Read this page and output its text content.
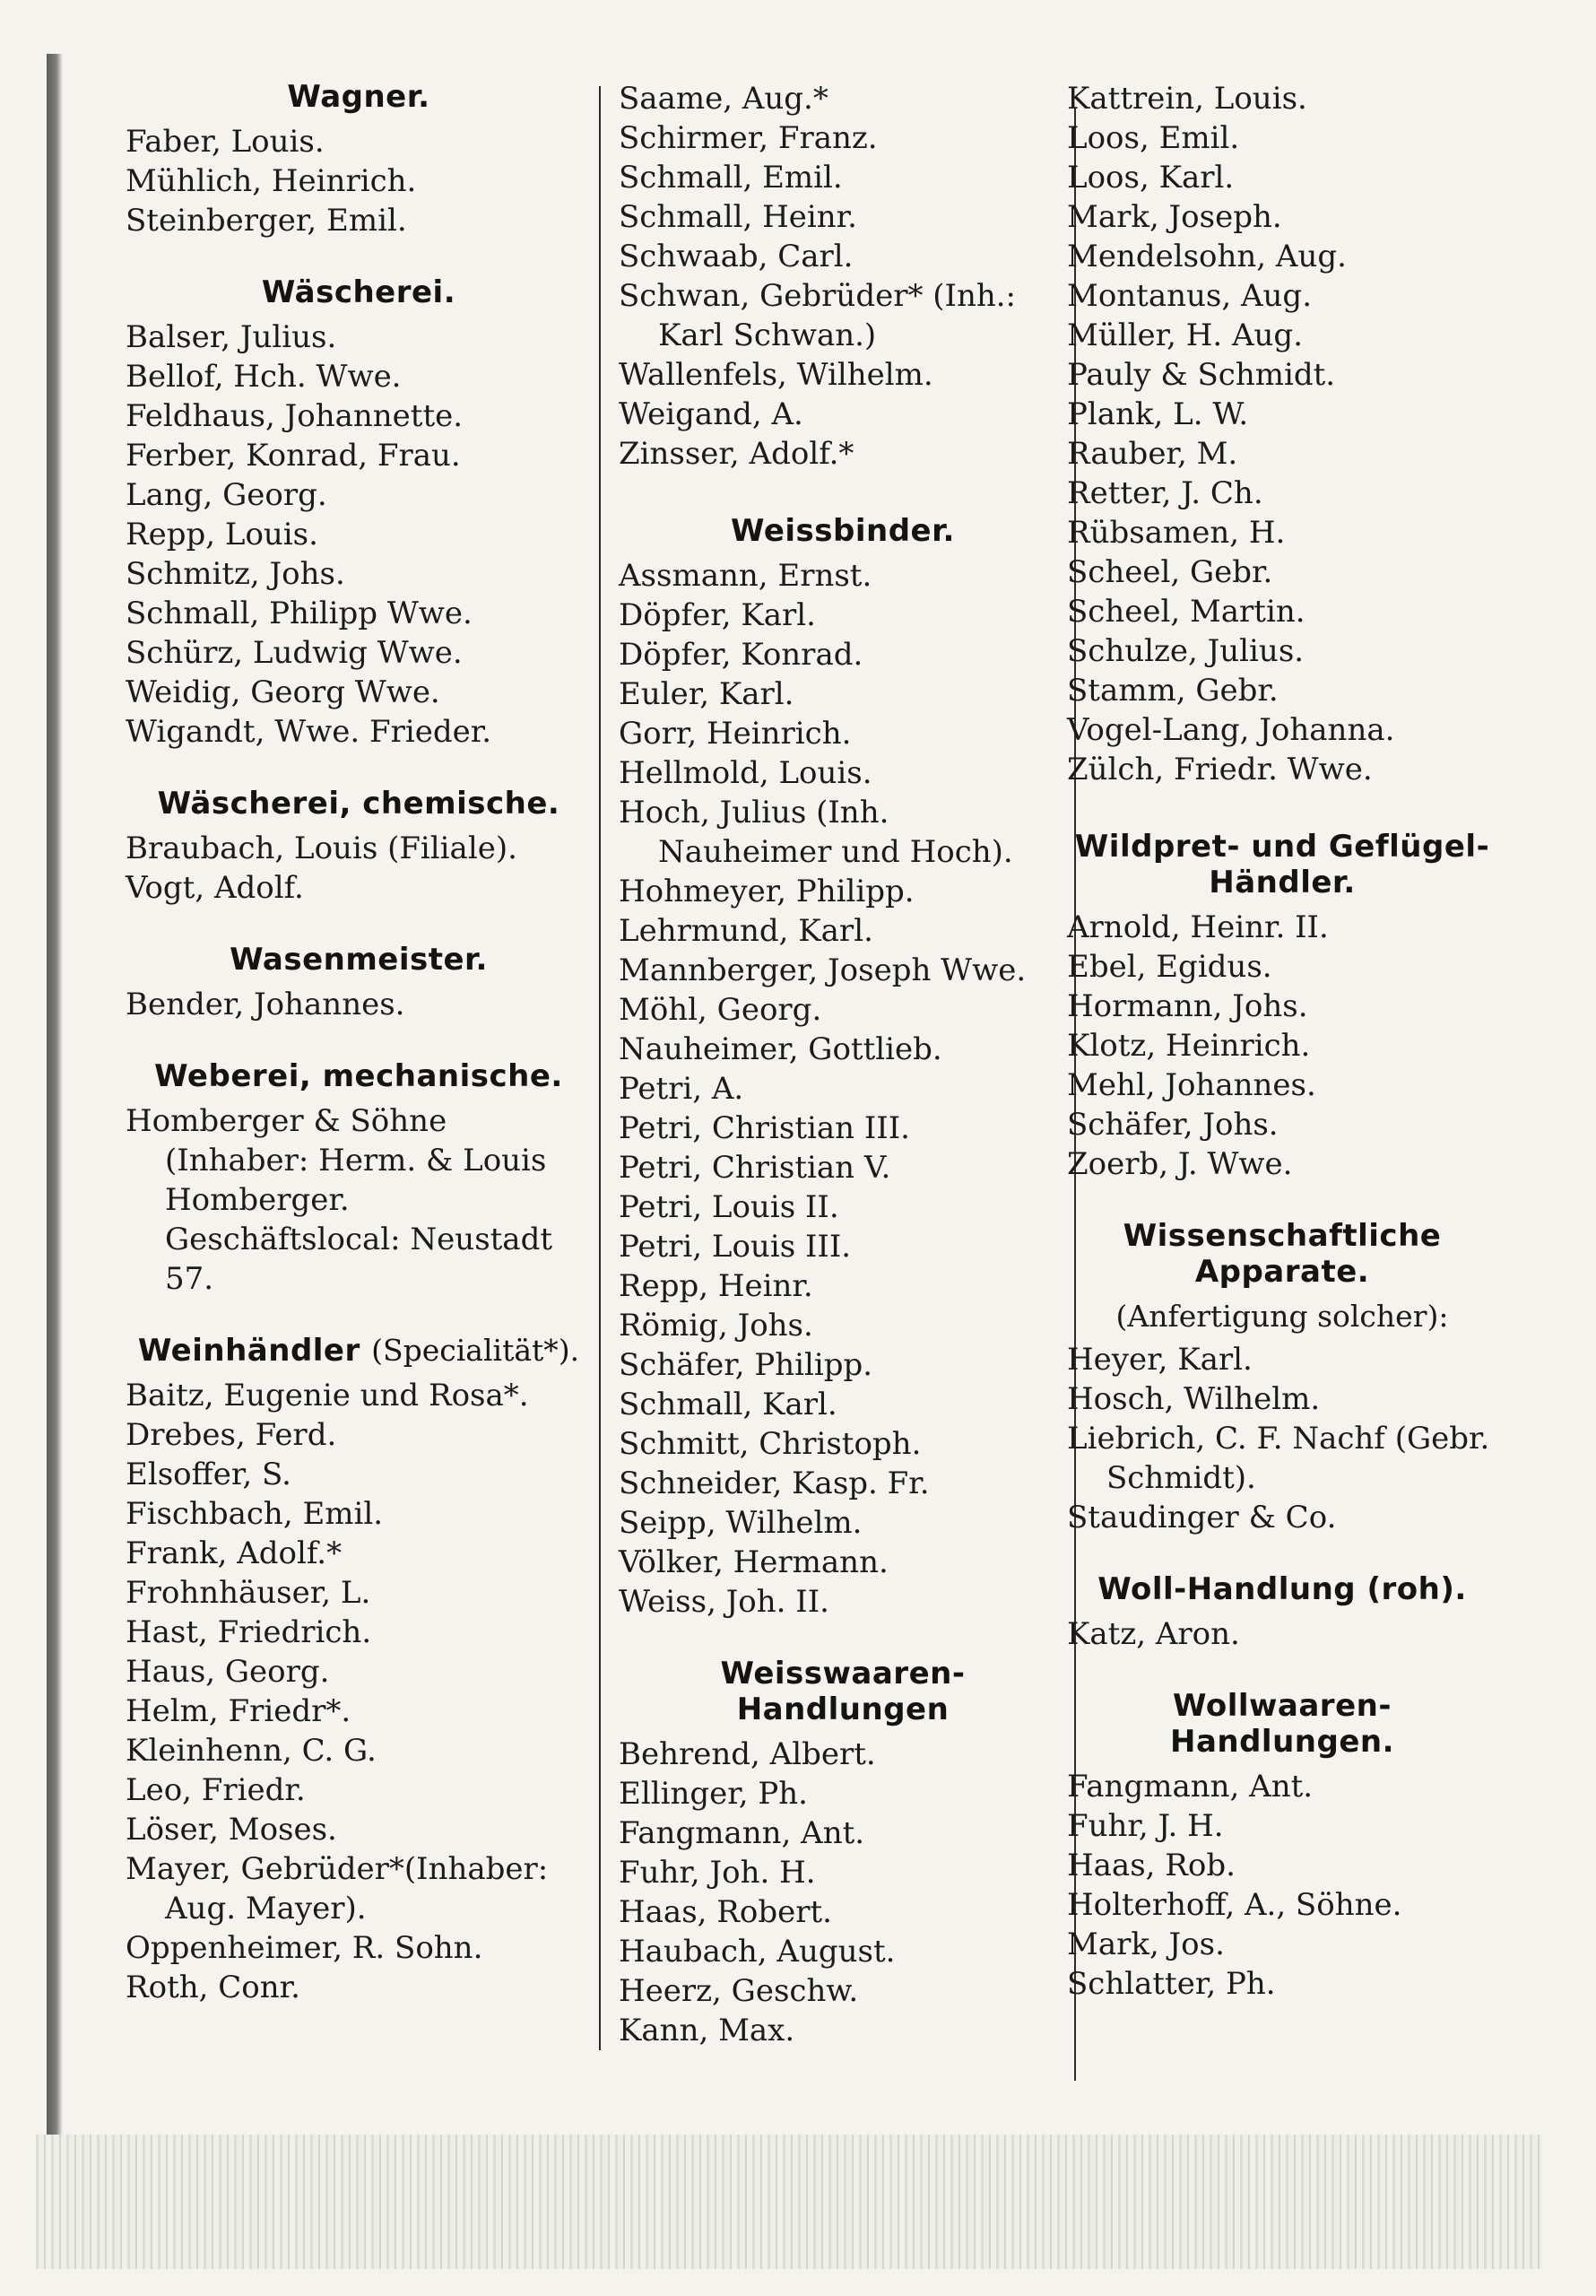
Wagner.
Faber, Louis.
Mühlich, Heinrich.
Steinberger, Emil.
Wäscherei.
Balser, Julius.
Bellof, Hch. Wwe.
Feldhaus, Johannette.
Ferber, Konrad, Frau.
Lang, Georg.
Repp, Louis.
Schmitz, Johs.
Schmall, Philipp Wwe.
Schürz, Ludwig Wwe.
Weidig, Georg Wwe.
Wigandt, Wwe. Frieder.
Wäscherei, chemische.
Braubach, Louis (Filiale).
Vogt, Adolf.
Wasenmeister.
Bender, Johannes.
Weberei, mechanische.
Homberger & Söhne (Inhaber: Herm. & Louis Homberger. Geschäftslocal: Neustadt 57.
Weinhändler (Specialität*).
Baitz, Eugenie und Rosa*.
Drebes, Ferd.
Elsoffer, S.
Fischbach, Emil.
Frank, Adolf.*
Frohnhäuser, L.
Hast, Friedrich.
Haus, Georg.
Helm, Friedr*.
Kleinhenn, C. G.
Leo, Friedr.
Löser, Moses.
Mayer, Gebrüder*(Inhaber: Aug. Mayer).
Oppenheimer, R. Sohn.
Roth, Conr.
Saame, Aug.*
Schirmer, Franz.
Schmall, Emil.
Schmall, Heinr.
Schwaab, Carl.
Schwan, Gebrüder* (Inh.: Karl Schwan.)
Wallenfels, Wilhelm.
Weigand, A.
Zinsser, Adolf.*
Weissbinder.
Assmann, Ernst.
Döpfer, Karl.
Döpfer, Konrad.
Euler, Karl.
Gorr, Heinrich.
Hellmold, Louis.
Hoch, Julius (Inh. Nauheimer und Hoch).
Hohmeyer, Philipp.
Lehrmund, Karl.
Mannberger, Joseph Wwe.
Möhl, Georg.
Nauheimer, Gottlieb.
Petri, A.
Petri, Christian III.
Petri, Christian V.
Petri, Louis II.
Petri, Louis III.
Repp, Heinr.
Römig, Johs.
Schäfer, Philipp.
Schmall, Karl.
Schmitt, Christoph.
Schneider, Kasp. Fr.
Seipp, Wilhelm.
Völker, Hermann.
Weiss, Joh. II.
Weisswaaren-Handlungen
Behrend, Albert.
Ellinger, Ph.
Fangmann, Ant.
Fuhr, Joh. H.
Haas, Robert.
Haubach, August.
Heerz, Geschw.
Kann, Max.
Kattrein, Louis.
Loos, Emil.
Loos, Karl.
Mark, Joseph.
Mendelsohn, Aug.
Montanus, Aug.
Müller, H. Aug.
Pauly & Schmidt.
Plank, L. W.
Rauber, M.
Retter, J. Ch.
Rübsamen, H.
Scheel, Gebr.
Scheel, Martin.
Schulze, Julius.
Stamm, Gebr.
Vogel-Lang, Johanna.
Zülch, Friedr. Wwe.
Wildpret- und Geflügel-Händler.
Arnold, Heinr. II.
Ebel, Egidus.
Hormann, Johs.
Klotz, Heinrich.
Mehl, Johannes.
Schäfer, Johs.
Zoerb, J. Wwe.
Wissenschaftliche Apparate.
(Anfertigung solcher):
Heyer, Karl.
Hosch, Wilhelm.
Liebrich, C. F. Nachf (Gebr. Schmidt).
Staudinger & Co.
Woll-Handlung (roh).
Katz, Aron.
Wollwaaren-Handlungen.
Fangmann, Ant.
Fuhr, J. H.
Haas, Rob.
Holterhoff, A., Söhne.
Mark, Jos.
Schlatter, Ph.
